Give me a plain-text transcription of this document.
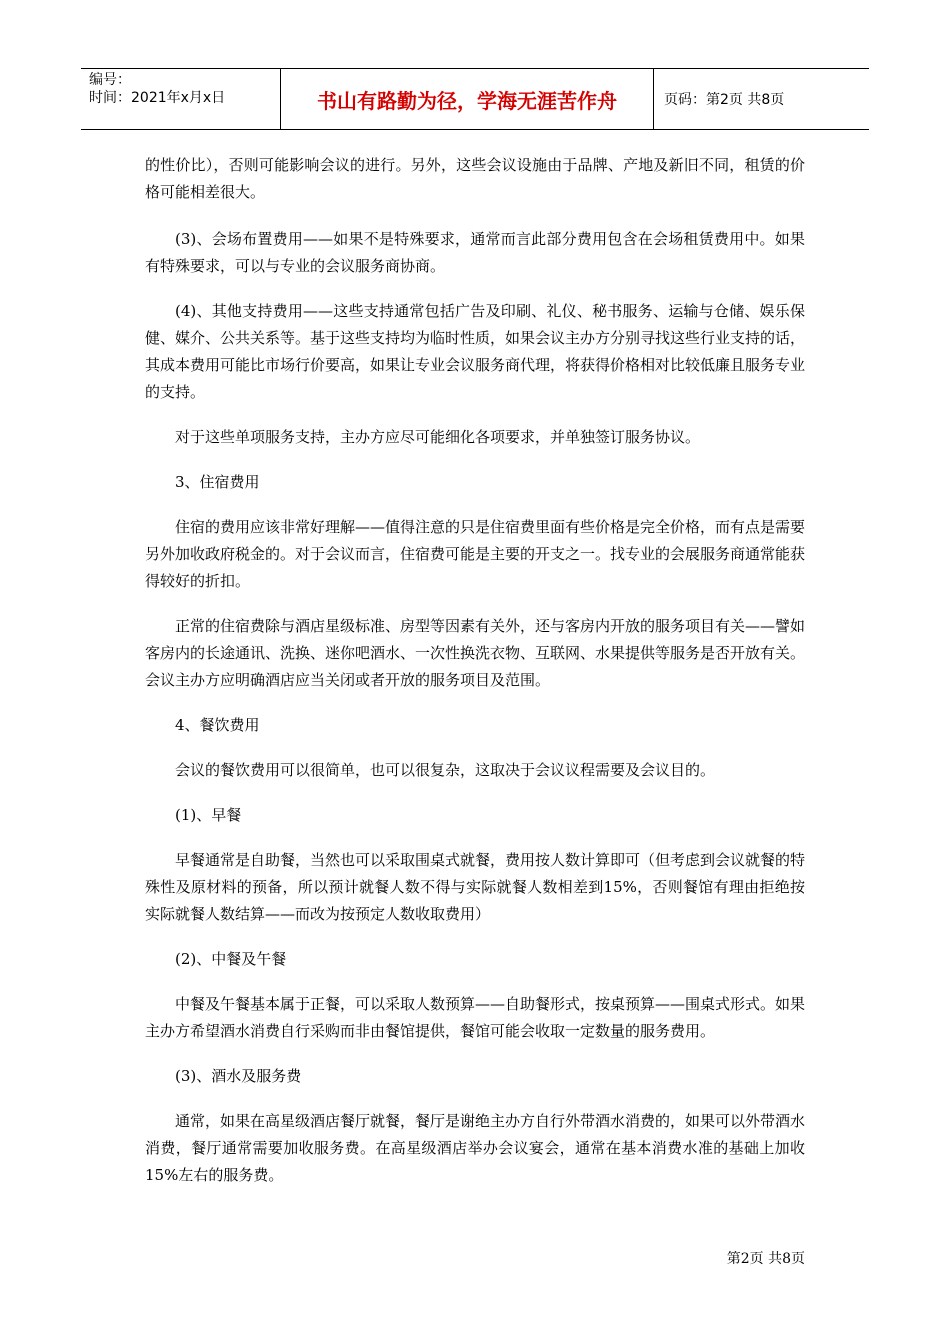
编号：
时间：2021年x月x日	书山有路勤为径，学海无涯苦作舟	页码：第2页 共8页

的性价比），否则可能影响会议的进行。另外，这些会议设施由于品牌、产地及新旧不同，租赁的价格可能相差很大。

(3)、会场布置费用——如果不是特殊要求，通常而言此部分费用包含在会场租赁费用中。如果有特殊要求，可以与专业的会议服务商协商。

(4)、其他支持费用——这些支持通常包括广告及印刷、礼仪、秘书服务、运输与仓储、娱乐保健、媒介、公共关系等。基于这些支持均为临时性质，如果会议主办方分别寻找这些行业支持的话，其成本费用可能比市场行价要高，如果让专业会议服务商代理，将获得价格相对比较低廉且服务专业的支持。

对于这些单项服务支持，主办方应尽可能细化各项要求，并单独签订服务协议。

3、住宿费用

住宿的费用应该非常好理解——值得注意的只是住宿费里面有些价格是完全价格，而有点是需要另外加收政府税金的。对于会议而言，住宿费可能是主要的开支之一。找专业的会展服务商通常能获得较好的折扣。

正常的住宿费除与酒店星级标准、房型等因素有关外，还与客房内开放的服务项目有关——譬如客房内的长途通讯、洗换、迷你吧酒水、一次性换洗衣物、互联网、水果提供等服务是否开放有关。会议主办方应明确酒店应当关闭或者开放的服务项目及范围。

4、餐饮费用

会议的餐饮费用可以很简单，也可以很复杂，这取决于会议议程需要及会议目的。

(1)、早餐

早餐通常是自助餐，当然也可以采取围桌式就餐，费用按人数计算即可（但考虑到会议就餐的特殊性及原材料的预备，所以预计就餐人数不得与实际就餐人数相差到15%，否则餐馆有理由拒绝按实际就餐人数结算——而改为按预定人数收取费用）

(2)、中餐及午餐

中餐及午餐基本属于正餐，可以采取人数预算——自助餐形式，按桌预算——围桌式形式。如果主办方希望酒水消费自行采购而非由餐馆提供，餐馆可能会收取一定数量的服务费用。

(3)、酒水及服务费

通常，如果在高星级酒店餐厅就餐，餐厅是谢绝主办方自行外带酒水消费的，如果可以外带酒水消费，餐厅通常需要加收服务费。在高星级酒店举办会议宴会，通常在基本消费水准的基础上加收15%左右的服务费。

第2页 共8页
